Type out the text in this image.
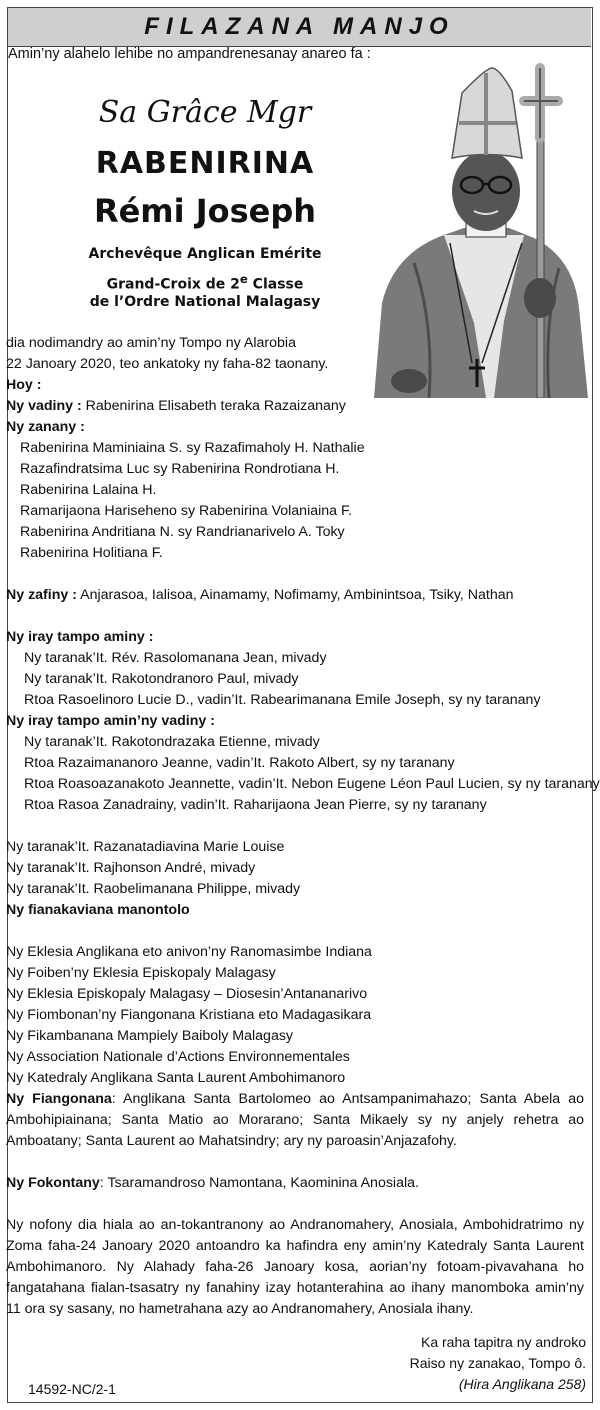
FILAZANA MANJO
Amin’ny alahelo lehibe no ampandrenesanay anareo fa :
Sa Grâce Mgr
RABENIRINA
Rémi Joseph
Archevêque Anglican Emérite
Grand-Croix de 2e Classe
de l’Ordre National Malagasy
dia nodimandry ao amin’ny Tompo ny Alarobia
22 Janoary 2020, teo ankatoky ny faha-82 taonany.
Hoy :
Ny vadiny : Rabenirina Elisabeth teraka Razaizanany
Ny zanany :
Rabenirina Maminiaina S. sy Razafimaholy H. Nathalie
Razafindratsima Luc sy Rabenirina Rondrotiana H.
Rabenirina Lalaina H.
Ramarijaona Hariseheno sy Rabenirina Volaniaina F.
Rabenirina Andritiana N. sy Randrianarivelo A. Toky
Rabenirina Holitiana F.
Ny zafiny : Anjarasoa, Ialisoa, Ainamamy, Nofimamy, Ambinintsoa, Tsiky, Nathan
Ny iray tampo aminy :
Ny taranak’It. Rév. Rasolomanana Jean, mivady
Ny taranak’It. Rakotondranoro Paul, mivady
Rtoa Rasoelinoro Lucie D., vadin’It. Rabearimanana Emile Joseph, sy ny taranany
Ny iray tampo amin’ny vadiny :
Ny taranak’It. Rakotondrazaka Etienne, mivady
Rtoa Razaimananoro Jeanne, vadin’It. Rakoto Albert, sy ny taranany
Rtoa Roasoazanakoto Jeannette, vadin’It. Nebon Eugene Léon Paul Lucien, sy ny taranany
Rtoa Rasoa Zanadrainy, vadin’It. Raharijaona Jean Pierre, sy ny taranany
Ny taranak’It. Razanatadiavina Marie Louise
Ny taranak’It. Rajhonson André, mivady
Ny taranak’It. Raobelimanana Philippe, mivady
Ny fianakaviana manontolo
Ny Eklesia Anglikana eto anivon’ny Ranomasimbe Indiana
Ny Foiben’ny Eklesia Episkopaly Malagasy
Ny Eklesia Episkopaly Malagasy – Diosesin’Antananarivo
Ny Fiombonan’ny Fiangonana Kristiana eto Madagasikara
Ny Fikambanana Mampiely Baiboly Malagasy
Ny Association Nationale d’Actions Environnementales
Ny Katedraly Anglikana Santa Laurent Ambohimanoro
Ny Fiangonana: Anglikana Santa Bartolomeo ao Antsampanimahazo; Santa Abela ao Ambohipiainana; Santa Matio ao Morarano; Santa Mikaely sy ny anjely rehetra ao Amboatany; Santa Laurent ao Mahatsindry; ary ny paroasin’Anjazafohy.
Ny Fokontany: Tsaramandroso Namontana, Kaominina Anosiala.
Ny nofony dia hiala ao an-tokantranony ao Andranomahery, Anosiala, Ambohidratrimo ny Zoma faha-24 Janoary 2020 antoandro ka hafindra eny amin’ny Katedraly Santa Laurent Ambohimanoro. Ny Alahady faha-26 Janoary kosa, aorian’ny fotoam-pivavahana ho fangatahana fialan-tsasatry ny fanahiny izay hotanterahina ao ihany manomboka amin’ny 11 ora sy sasany, no hametrahana azy ao Andranomahery, Anosiala ihany.
Ka raha tapitra ny androko
Raiso ny zanakao, Tompo ô.
(Hira Anglikana 258)
14592-NC/2-1
